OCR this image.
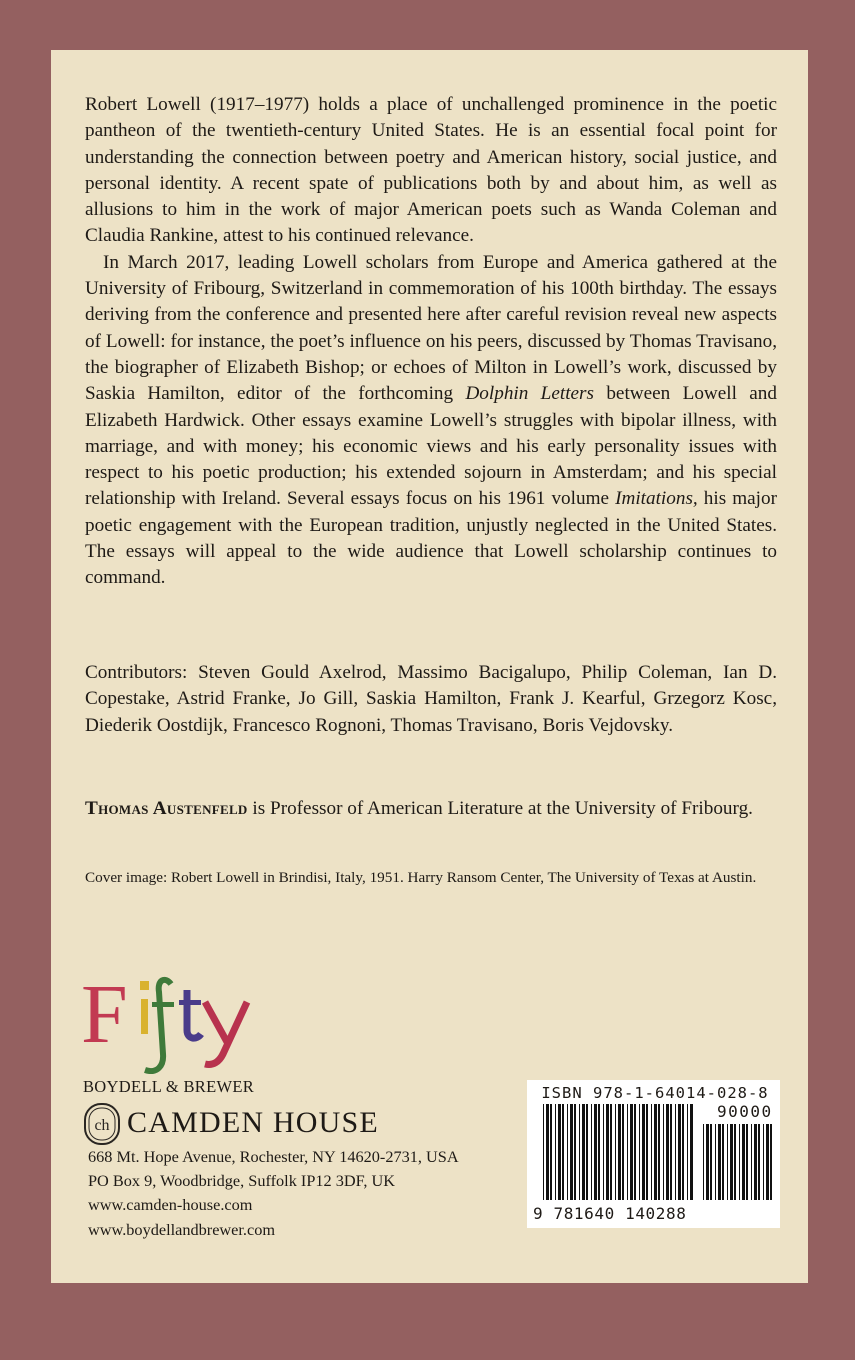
Robert Lowell (1917–1977) holds a place of unchallenged prominence in the poetic pantheon of the twentieth-century United States. He is an essential focal point for understanding the connection between poetry and American history, social justice, and personal identity. A recent spate of publications both by and about him, as well as allusions to him in the work of major American poets such as Wanda Coleman and Claudia Rankine, attest to his continued relevance.

In March 2017, leading Lowell scholars from Europe and America gathered at the University of Fribourg, Switzerland in commemoration of his 100th birthday. The essays deriving from the conference and presented here after careful revision reveal new aspects of Lowell: for instance, the poet’s influence on his peers, discussed by Thomas Travisano, the biographer of Elizabeth Bishop; or echoes of Milton in Lowell’s work, discussed by Saskia Hamilton, editor of the forthcoming Dolphin Letters between Lowell and Elizabeth Hardwick. Other essays examine Lowell’s struggles with bipolar illness, with marriage, and with money; his economic views and his early personality issues with respect to his poetic production; his extended sojourn in Amsterdam; and his special relationship with Ireland. Several essays focus on his 1961 volume Imitations, his major poetic engagement with the European tradition, unjustly neglected in the United States. The essays will appeal to the wide audience that Lowell scholarship continues to command.

Contributors: Steven Gould Axelrod, Massimo Bacigalupo, Philip Coleman, Ian D. Copestake, Astrid Franke, Jo Gill, Saskia Hamilton, Frank J. Kearful, Grzegorz Kosc, Diederik Oostdijk, Francesco Rognoni, Thomas Travisano, Boris Vejdovsky.
Thomas Austenfeld is Professor of American Literature at the University of Fribourg.
Cover image: Robert Lowell in Brindisi, Italy, 1951. Harry Ransom Center, The University of Texas at Austin.
F
Fifty
BOYDELL & BREWER
ch CAMDEN HOUSE
668 Mt. Hope Avenue, Rochester, NY 14620-2731, USA
PO Box 9, Woodbridge, Suffolk IP12 3DF, UK
www.camden-house.com
www.boydellandbrewer.com
ISBN 978-1-64014-028-8
90000
9 781640 140288
